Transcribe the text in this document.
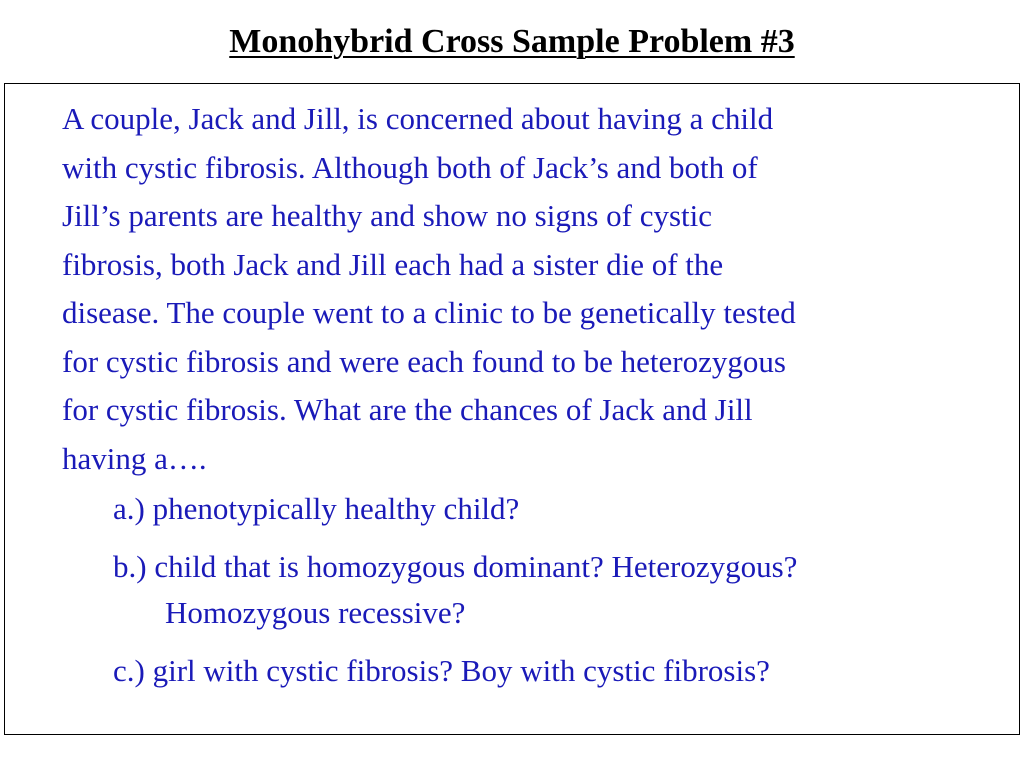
Monohybrid Cross Sample Problem #3
A couple, Jack and Jill, is concerned about having a child
with cystic fibrosis. Although both of Jack’s and both of
Jill’s parents are healthy and show no signs of cystic
fibrosis, both Jack and Jill each had a sister die of the
disease. The couple went to a clinic to be genetically tested
for cystic fibrosis and were each found to be heterozygous
for cystic fibrosis. What are the chances of Jack and Jill
having a….
a.) phenotypically healthy child?
b.) child that is homozygous dominant? Heterozygous?
Homozygous recessive?
c.) girl with cystic fibrosis? Boy with cystic fibrosis?
